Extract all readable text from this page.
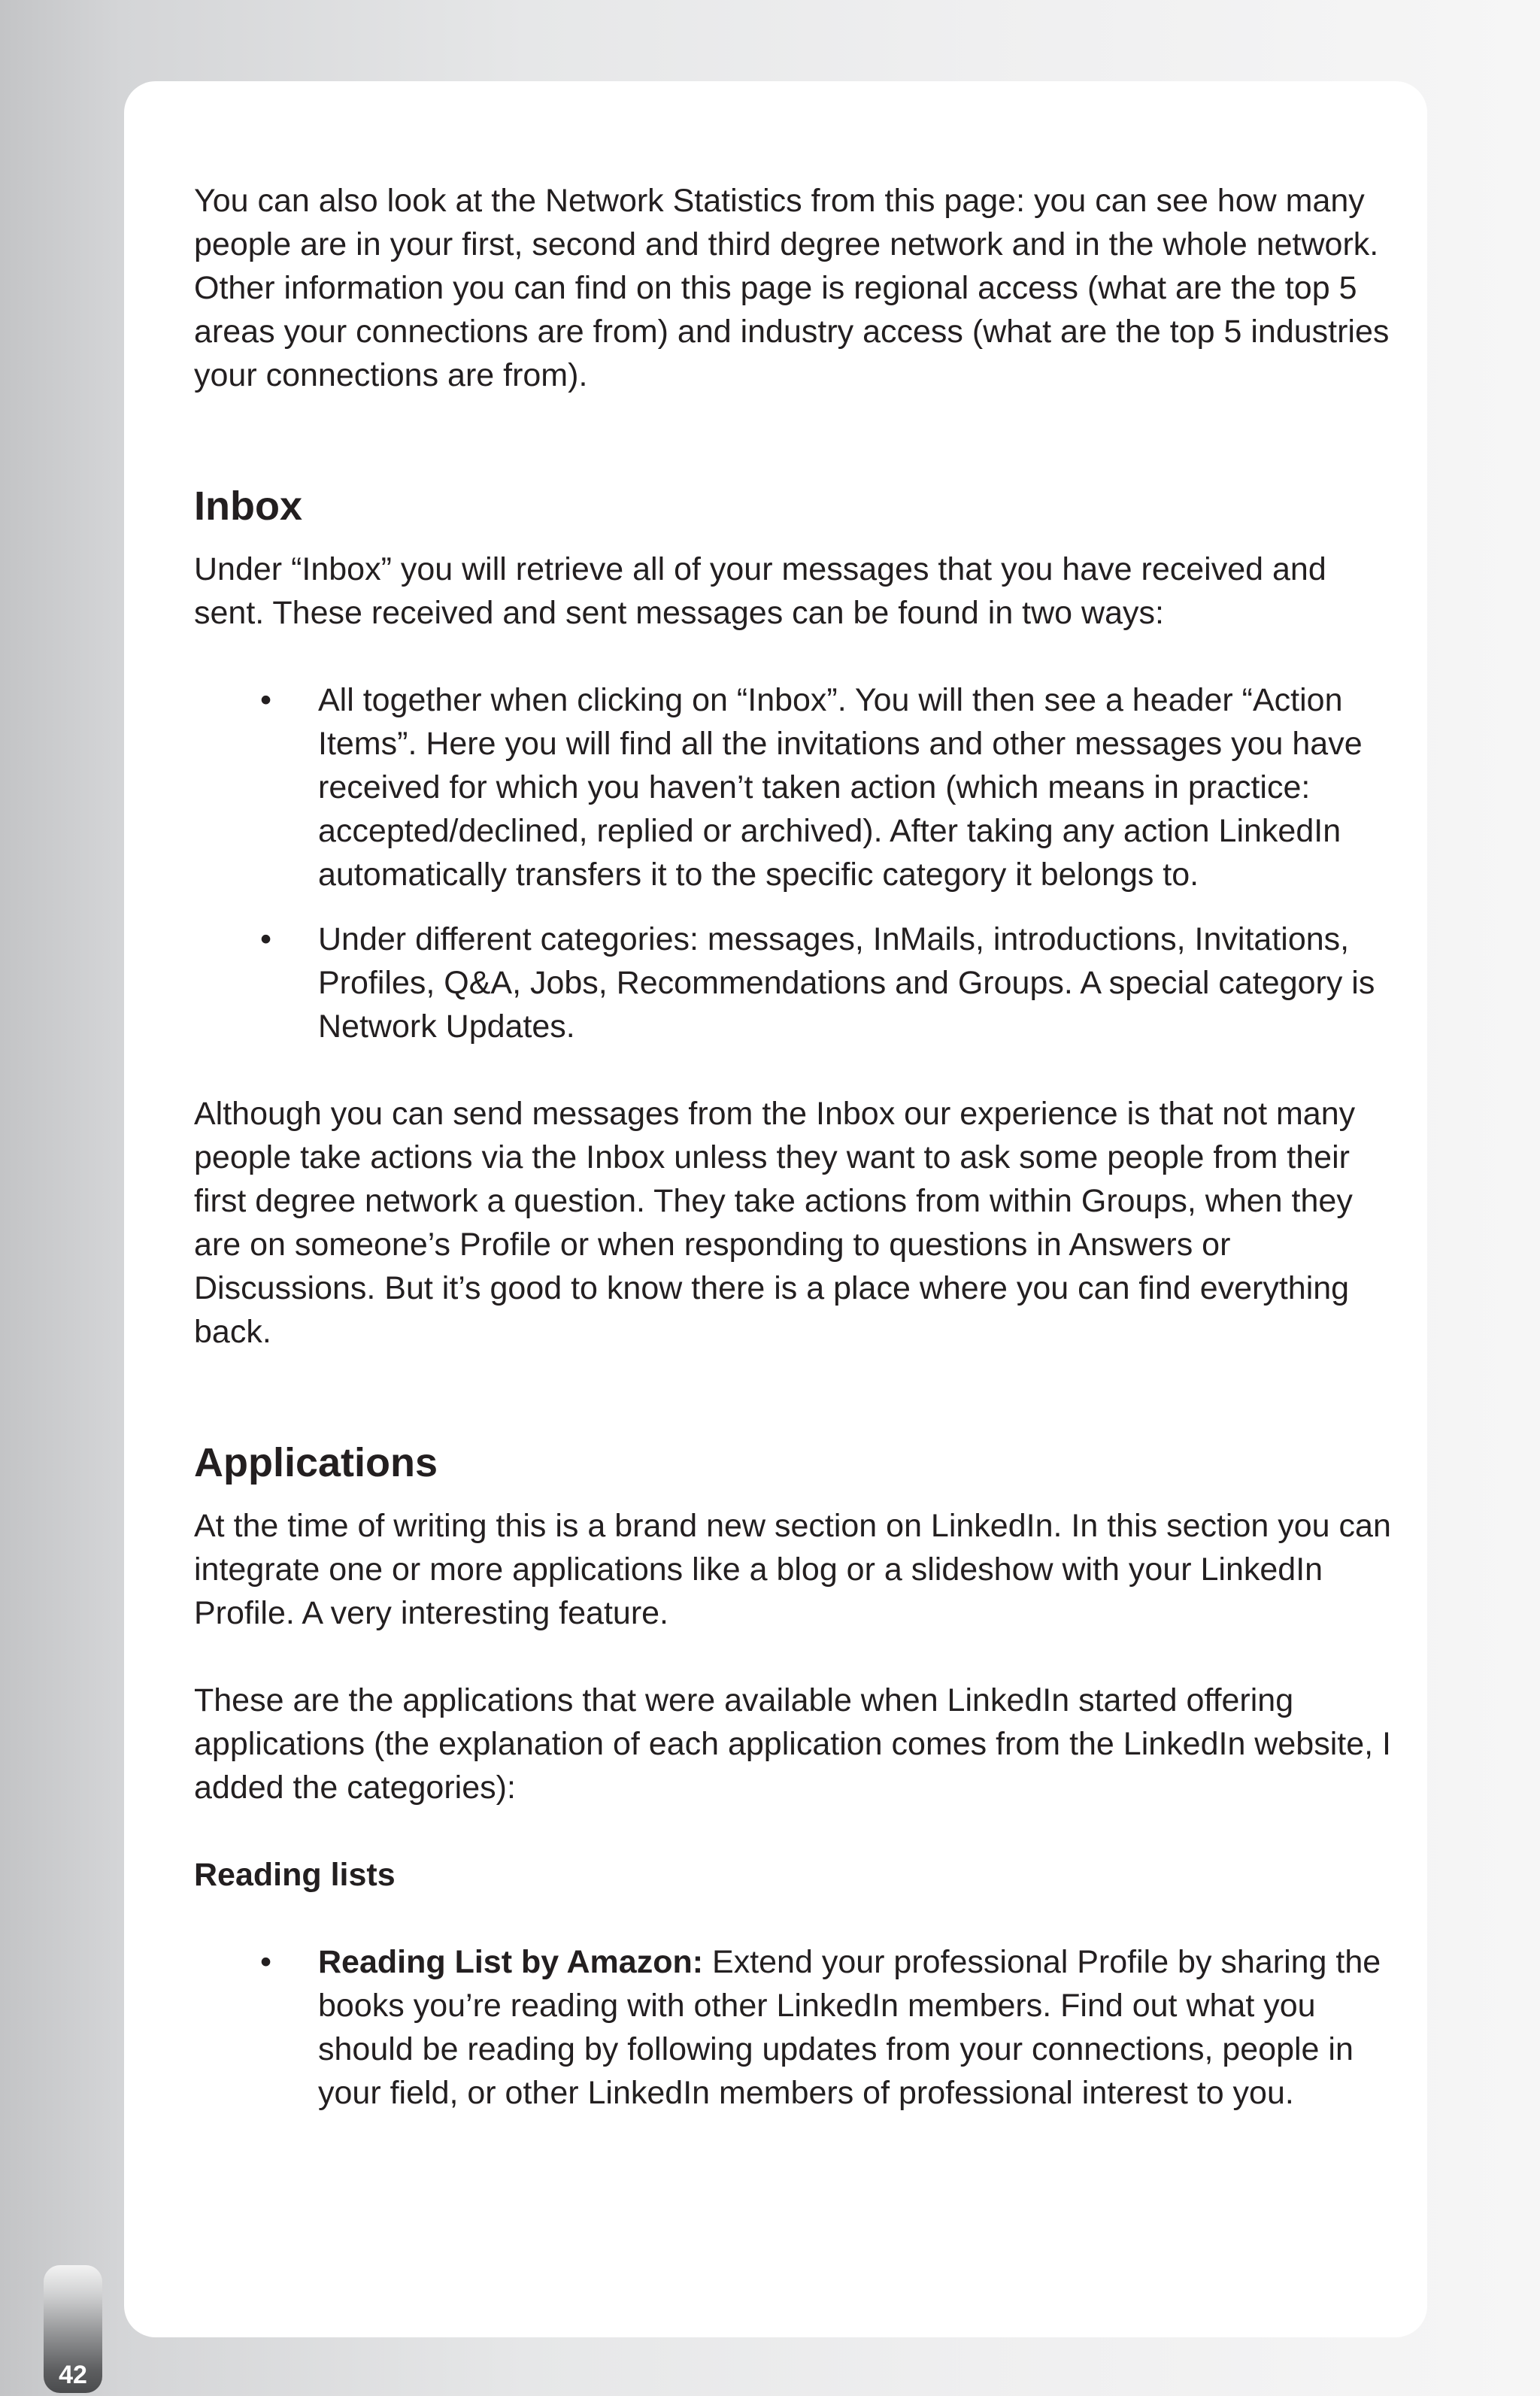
You can also look at the Network Statistics from this page: you can see how many people are in your first, second and third degree network and in the whole network. Other information you can find on this page is regional access (what are the top 5 areas your connections are from) and industry access (what are the top 5 industries your connections are from).

Inbox

Under “Inbox” you will retrieve all of your messages that you have received and sent. These received and sent messages can be found in two ways:

• All together when clicking on “Inbox”. You will then see a header “Action Items”. Here you will find all the invitations and other messages you have received for which you haven’t taken action (which means in practice: accepted/declined, replied or archived). After taking any action LinkedIn automatically transfers it to the specific category it belongs to.
• Under different categories: messages, InMails, introductions, Invitations, Profiles, Q&A, Jobs, Recommendations and Groups. A special category is Network Updates.

Although you can send messages from the Inbox our experience is that not many people take actions via the Inbox unless they want to ask some people from their first degree network a question. They take actions from within Groups, when they are on someone’s Profile or when responding to questions in Answers or Discussions. But it’s good to know there is a place where you can find everything back.

Applications

At the time of writing this is a brand new section on LinkedIn. In this section you can integrate one or more applications like a blog or a slideshow with your LinkedIn Profile. A very interesting feature.

These are the applications that were available when LinkedIn started offering applications (the explanation of each application comes from the LinkedIn website, I added the categories):

Reading lists
• Reading List by Amazon: Extend your professional Profile by sharing the books you’re reading with other LinkedIn members. Find out what you should be reading by following updates from your connections, people in your field, or other LinkedIn members of professional interest to you.
42
